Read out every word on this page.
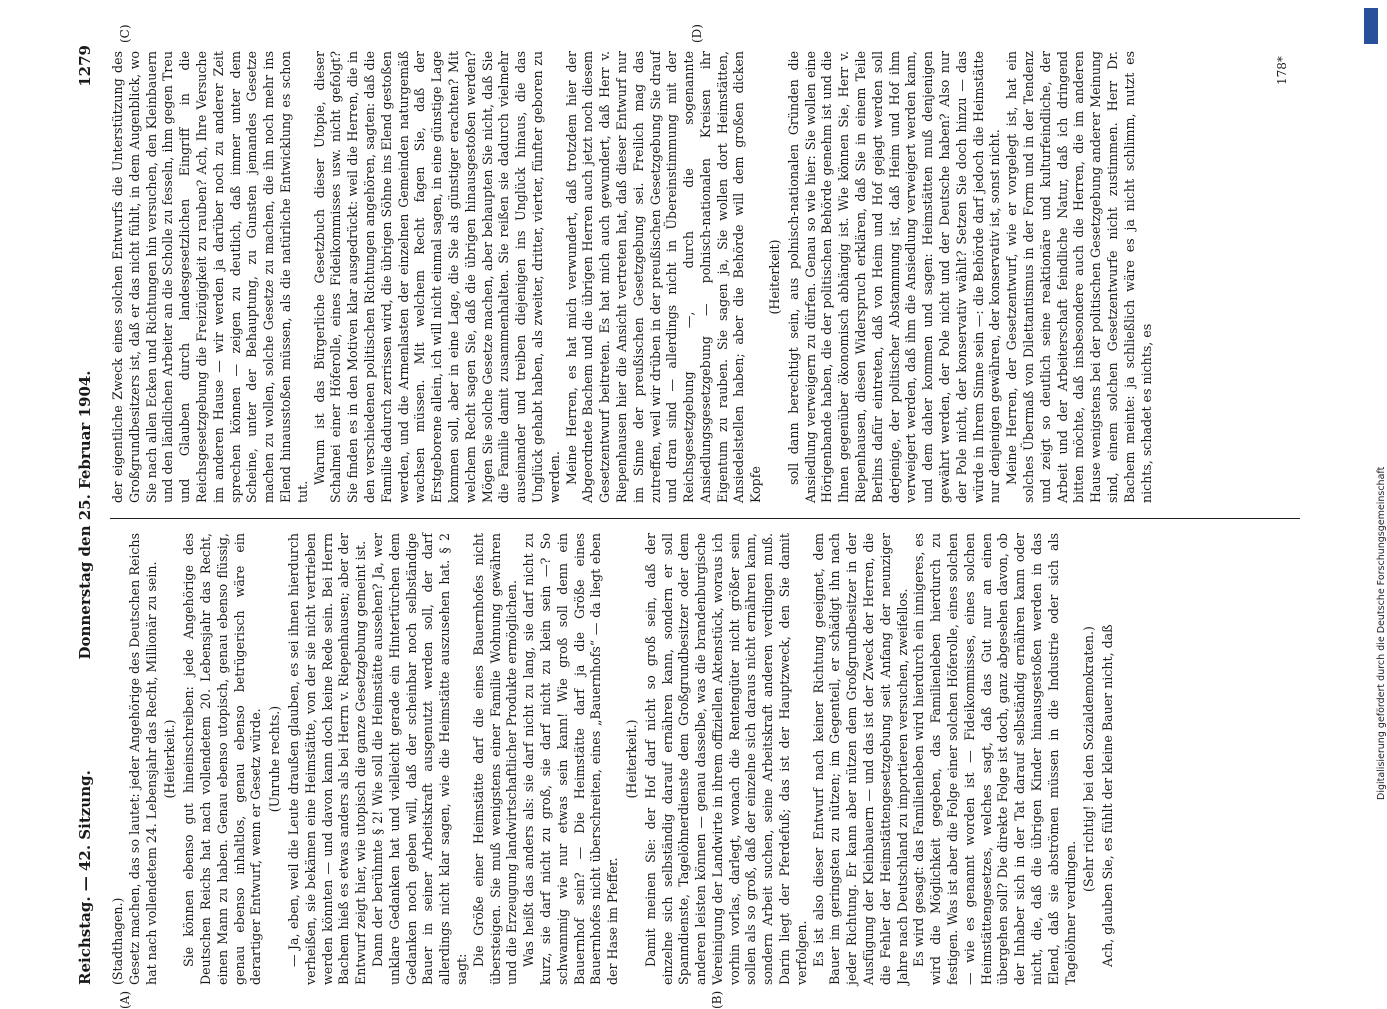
Reichstag. — 42. Sitzung.
Donnerstag den 25. Februar 1904.
1279
(A)	(B)
(C)	(D)

(Stadthagen.) Gesetz machen, das so lautet: jeder Angehörige des Deutschen Reichs hat nach vollendetem 24. Lebensjahr das Recht, Millionär zu sein. (Heiterkeit.) Sie können ebenso gut hineinschreiben: jede Angehörige des Deutschen Reichs hat nach vollendetem 20. Lebensjahr das Recht, einen Mann zu haben. Genau ebenso utopisch, genau ebenso flüssig, genau ebenso inhaltlos, genau ebenso betrügerisch wäre ein derartiger Entwurf, wenn er Gesetz würde. (Unruhe rechts.) — Ja, eben, weil die Leute draußen glauben, es sei ihnen hierdurch verheißen, sie bekämen eine Heimstätte, von der sie nicht vertrieben werden könnten — und davon kann doch keine Rede sein. Bei Herrn Bachem hieß es etwas anders als bei Herrn v. Riepenhausen; aber der Entwurf zeigt hier, wie utopisch die ganze Gesetzgebung gemeint ist. Dann der berühmte § 2! Wie soll die Heimstätte aussehen? Ja, wer unklare Gedanken hat und vielleicht gerade ein Hintertürchen dem Gedanken noch geben will, daß der scheinbar noch selbständige Bauer in seiner Arbeitskraft ausgenutzt werden soll, der darf allerdings nicht klar sagen, wie die Heimstätte auszusehen hat. § 2 sagt:

Die Größe einer Heimstätte darf die eines Bauernhofes nicht übersteigen. Sie muß wenigstens einer Familie Wohnung gewähren und die Erzeugung landwirtschaftlicher Produkte ermöglichen. Was heißt das anders als: sie darf nicht zu lang, sie darf nicht zu kurz, sie darf nicht zu groß, sie darf nicht zu klein sein —? So schwammig wie nur etwas sein kann! Wie groß soll denn ein Bauernhof sein? — Die Heimstätte darf ja die Größe eines Bauernhofes nicht überschreiten, eines „Bauernhofs“ — da liegt eben der Hase im Pfeffer.

(Heiterkeit.) Damit meinen Sie: der Hof darf nicht so groß sein, daß der einzelne sich selbständig darauf ernähren kann, sondern er soll Spanndienste, Tagelöhnerdienste dem Großgrundbesitzer oder dem anderen leisten können — genau dasselbe, was die brandenburgische Vereinigung der Landwirte in ihrem offiziellen Aktenstück, woraus ich vorhin vorlas, darlegt, wonach die Rentengüter nicht größer sein sollen als so groß, daß der einzelne sich daraus nicht ernähren kann, sondern Arbeit suchen, seine Arbeitskraft anderen verdingen muß. Darin liegt der Pferdefuß; das ist der Hauptzweck, den Sie damit verfolgen. Es ist also dieser Entwurf nach keiner Richtung geeignet, dem Bauer im geringsten zu nützen; im Gegenteil, er schädigt ihn nach jeder Richtung. Er kann aber nützen dem Großgrundbesitzer in der Ausfügung der Kleinbauern — und das ist der Zweck der Herren, die die Fehler der Heimstättengesetzgebung seit Anfang der neunziger Jahre nach Deutschland zu importieren versuchen, zweifellos. Es wird gesagt: das Familienleben wird hierdurch ein innigeres, es wird die Möglichkeit gegeben, das Familienleben hierdurch zu festigen. Was ist aber die Folge einer solchen Höferolle, eines solchen — wie es genannt worden ist — Fideikommisses, eines solchen Heimstättengesetzes, welches sagt, daß das Gut nur an einen übergehen soll? Die direkte Folge ist doch, ganz abgesehen davon, ob der Inhaber sich in der Tat darauf selbständig ernähren kann oder nicht, die, daß die übrigen Kinder hinausgestoßen werden in das Elend, daß sie abströmen müssen in die Industrie oder sich als Tagelöhner verdingen.

(Sehr richtig! bei den Sozialdemokraten.) Ach, glauben Sie, es fühlt der kleine Bauer nicht, daß

der eigentliche Zweck eines solchen Entwurfs die Unterstützung des Großgrundbesitzers ist, daß er das nicht fühlt, in dem Augenblick, wo Sie nach allen Ecken und Richtungen hin versuchen, den Kleinbauern und den ländlichen Arbeiter an die Scholle zu fesseln, ihm gegen Treu und Glauben durch landesgesetzlichen Eingriff in die Reichsgesetzgebung die Freizügigkeit zu rauben? Ach, Ihre Versuche im anderen Hause — wir werden ja darüber noch zu anderer Zeit sprechen können — zeigen zu deutlich, daß immer unter dem Scheine, unter der Behauptung, zu Gunsten jemandes Gesetze machen zu wollen, solche Gesetze zu machen, die ihn noch mehr ins Elend hinausstoßen müssen, als die natürliche Entwicklung es schon tut.

Warum ist das Bürgerliche Gesetzbuch dieser Utopie, dieser Schalmei einer Höferolle, eines Fideikommisses usw. nicht gefolgt? Sie finden es in den Motiven klar ausgedrückt: weil die Herren, die in den verschiedenen politischen Richtungen angehören, sagten: daß die Familie dadurch zerrissen wird, die übrigen Söhne ins Elend gestoßen werden, und die Armenlasten der einzelnen Gemeinden naturgemäß wachsen müssen. Mit welchem Recht fagen Sie, daß der Erstgeborene allein, ich will nicht einmal sagen, in eine günstige Lage kommen soll, aber in eine Lage, die Sie als günstiger erachten? Mit welchem Recht sagen Sie, daß die übrigen hinausgestoßen werden? Mögen Sie solche Gesetze machen, aber behaupten Sie nicht, daß Sie die Familie damit zusammenhalten. Sie reißen sie dadurch vielmehr auseinander und treiben diejenigen ins Unglück hinaus, die das Unglück gehabt haben, als zweiter, dritter, vierter, fünfter geboren zu werden. Meine Herren, es hat mich verwundert, daß trotzdem hier der Abgeordnete Bachem und die übrigen Herren auch jetzt noch diesem Gesetzentwurf beitreten. Es hat mich auch gewundert, daß Herr v. Riepenhausen hier die Ansicht vertreten hat, daß dieser Entwurf nur im Sinne der preußischen Gesetzgebung sei. Freilich mag das zutreffen, weil wir drüben in der preußischen Gesetzgebung Sie drauf und dran sind — allerdings nicht in Übereinstimmung mit der Reichsgesetzgebung —, durch die sogenannte Ansiedlungsgesetzgebung — polnisch-nationalen Kreisen ihr Eigentum zu rauben. Sie sagen ja, Sie wollen dort Heimstätten, Ansiedelstellen haben; aber die Behörde will dem großen dicken Kopfe

(Heiterkeit) soll dann berechtigt sein, aus polnisch-nationalen Gründen die Ansiedlung verweigern zu dürfen. Genau so wie hier: Sie wollen eine Hörigenbande haben, die der politischen Behörde genehm ist und die Ihnen gegenüber ökonomisch abhängig ist. Wie können Sie, Herr v. Riepenhausen, diesen Widerspruch erklären, daß Sie in einem Teile Berlins dafür eintreten, daß von Heim und Hof gejagt werden soll derjenige, der politischer Abstammung ist, daß Heim und Hof ihm verweigert werden, daß ihm die Ansiedlung verweigert werden kann, und dem daher kommen und sagen: Heimstätten muß denjenigen gewährt werden, der Pole nicht und der Deutsche haben? Also nur der Pole nicht, der konservativ wählt? Setzen Sie doch hinzu — das würde in Ihrem Sinne sein —: die Behörde darf jedoch die Heimstätte nur denjenigen gewähren, der konservativ ist, sonst nicht. Meine Herren, der Gesetzentwurf, wie er vorgelegt ist, hat ein solches Übermaß von Dilettantismus in der Form und in der Tendenz und zeigt so deutlich seine reaktionäre und kulturfeindliche, der Arbeit und der Arbeiterschaft feindliche Natur, daß ich dringend bitten möchte, daß insbesondere auch die Herren, die im anderen Hause wenigstens bei der politischen Gesetzgebung anderer Meinung sind, einem solchen Gesetzentwurfe nicht zustimmen. Herr Dr. Bachem meinte: ja schließlich wäre es ja nicht schlimm, nutzt es nichts, schadet es nichts, es

178*
DFG
Digitalisierung gefördert durch die Deutsche Forschungsgemeinschaft
